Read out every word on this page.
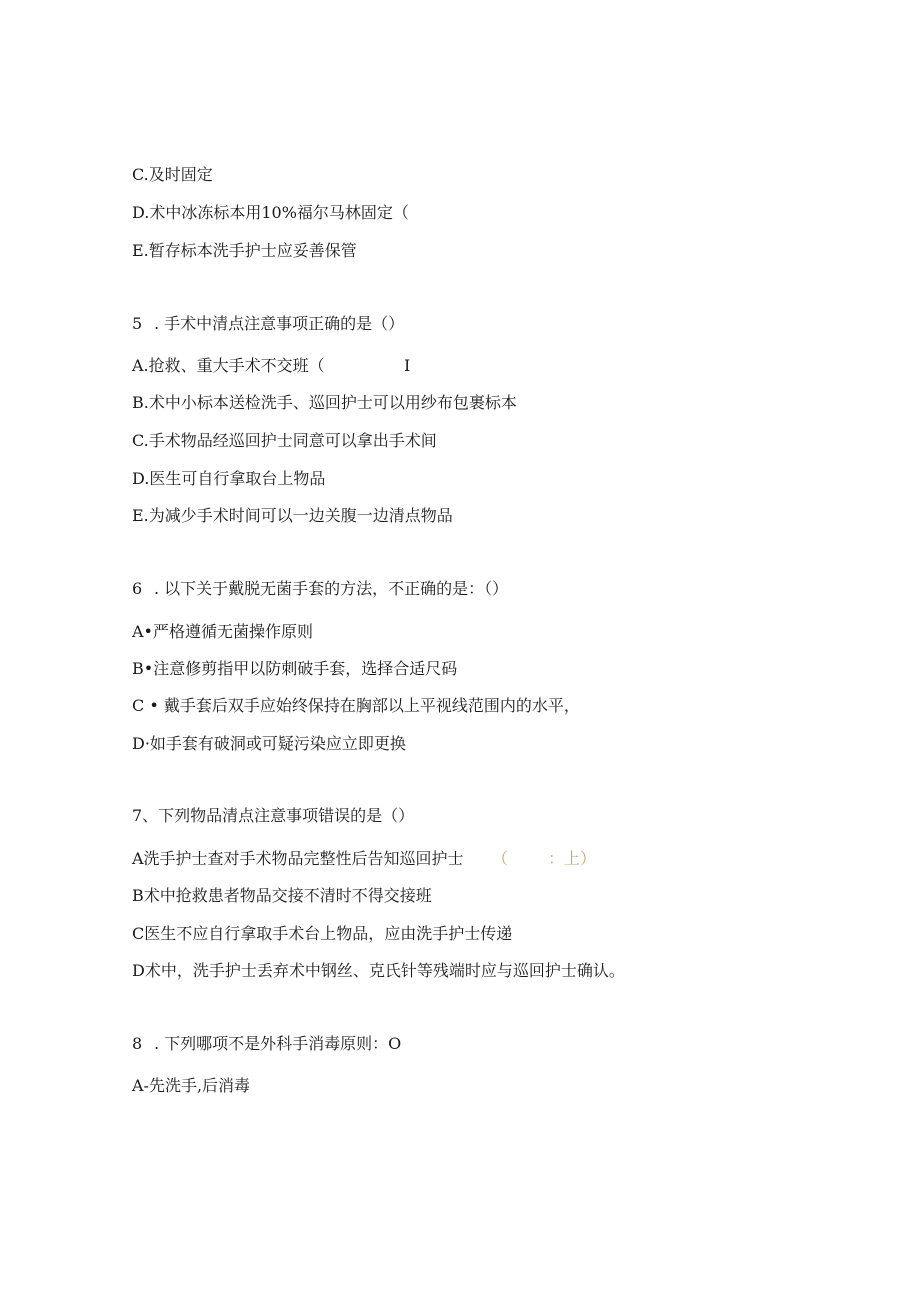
C.及时固定
D.术中冰冻标本用10%福尔马林固定（
E.暂存标本洗手护士应妥善保管
5 . 手术中清点注意事项正确的是（）
A.抢救、重大手术不交班（	I
B.术中小标本送检洗手、巡回护士可以用纱布包裹标本
C.手术物品经巡回护士同意可以拿出手术间
D.医生可自行拿取台上物品
E.为减少手术时间可以一边关腹一边清点物品
6 . 以下关于戴脱无菌手套的方法，不正确的是：（）
A•严格遵循无菌操作原则
B•注意修剪指甲以防刺破手套，选择合适尺码
C • 戴手套后双手应始终保持在胸部以上平视线范围内的水平，
D·如手套有破洞或可疑污染应立即更换
7、下列物品清点注意事项错误的是（）
A洗手护士查对手术物品完整性后告知巡回护士 （ ：上）
B术中抢救患者物品交接不清时不得交接班
C医生不应自行拿取手术台上物品，应由洗手护士传递
D术中，洗手护士丢弃术中钢丝、克氏针等残端时应与巡回护士确认。
8 . 下列哪项不是外科手消毒原则：O
A-先洗手,后消毒
